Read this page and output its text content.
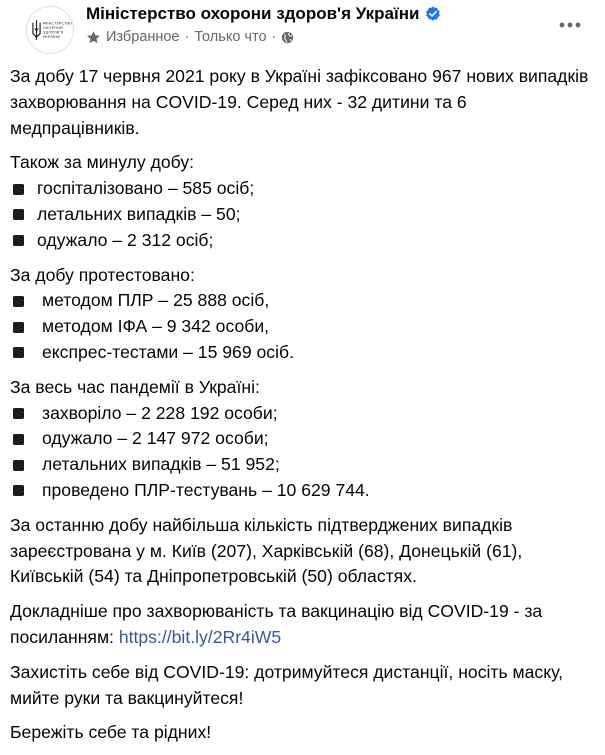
МІНІСТЕРСТВО ОХОРОНИ ЗДОРОВ'Я УКРАЇНИ
Міністерство охорони здоров'я України
Избранное · Только что ·

За добу 17 червня 2021 року в Україні зафіксовано 967 нових випадків захворювання на COVID-19. Серед них - 32 дитини та 6 медпрацівників.

Також за минулу добу:
госпіталізовано – 585 осіб;
летальних випадків – 50;
одужало – 2 312 осіб;
За добу протестовано:
методом ПЛР – 25 888 осіб,
методом ІФА – 9 342 особи,
експрес-тестами – 15 969 осіб.
За весь час пандемії в Україні:
захворіло – 2 228 192 особи;
одужало – 2 147 972 особи;
летальних випадків – 51 952;
проведено ПЛР-тестувань – 10 629 744.

За останню добу найбільша кількість підтверджених випадків зареєстрована у м. Київ (207), Харківській (68), Донецькій (61), Київській (54) та Дніпропетровській (50) областях.

Докладніше про захворюваність та вакцинацію від COVID-19 - за посиланням: https://bit.ly/2Rr4iW5

Захистіть себе від COVID-19: дотримуйтеся дистанції, носіть маску, мийте руки та вакцинуйтеся!

Бережіть себе та рідних!
